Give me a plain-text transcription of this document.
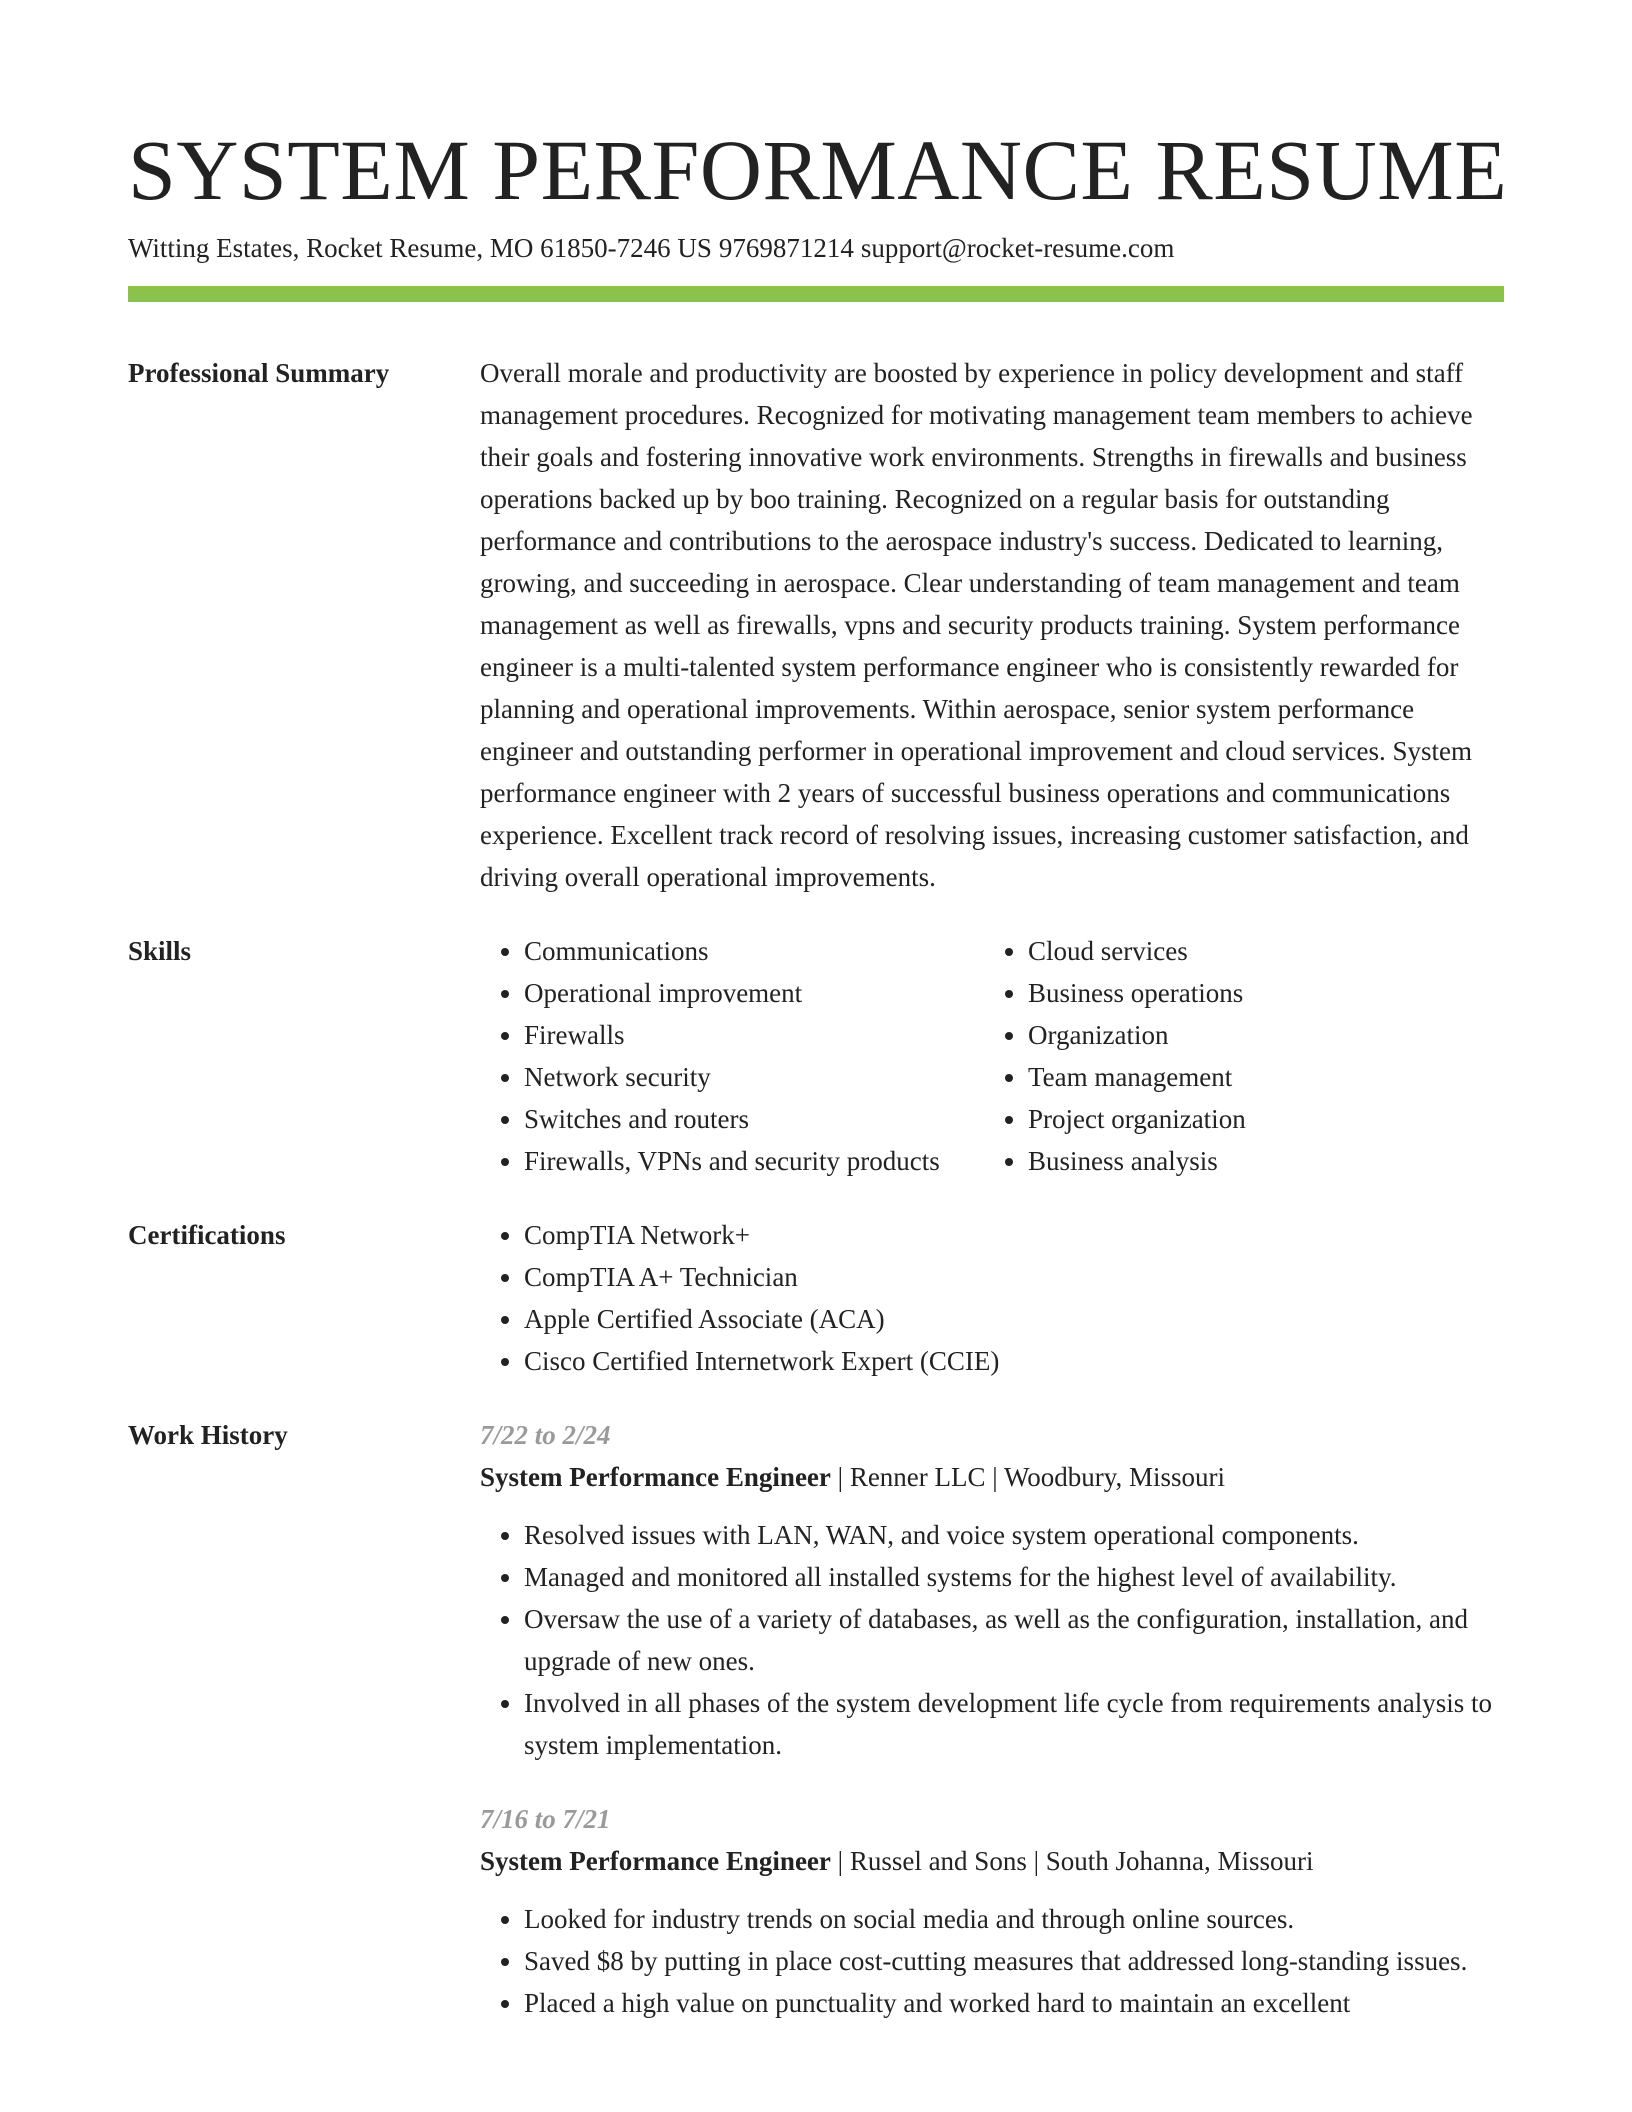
SYSTEM PERFORMANCE RESUME
Witting Estates, Rocket Resume, MO 61850-7246 US 9769871214 support@rocket-resume.com
Professional Summary	Overall morale and productivity are boosted by experience in policy development and staff management procedures. Recognized for motivating management team members to achieve their goals and fostering innovative work environments. Strengths in firewalls and business operations backed up by boo training. Recognized on a regular basis for outstanding performance and contributions to the aerospace industry's success. Dedicated to learning, growing, and succeeding in aerospace. Clear understanding of team management and team management as well as firewalls, vpns and security products training. System performance engineer is a multi-talented system performance engineer who is consistently rewarded for planning and operational improvements. Within aerospace, senior system performance engineer and outstanding performer in operational improvement and cloud services. System performance engineer with 2 years of successful business operations and communications experience. Excellent track record of resolving issues, increasing customer satisfaction, and driving overall operational improvements.

Skills	• Communications
• Operational improvement
• Firewalls
• Network security
• Switches and routers
• Firewalls, VPNs and security products
• Cloud services
• Business operations
• Organization
• Team management
• Project organization
• Business analysis
Certifications	• CompTIA Network+
• CompTIA A+ Technician
• Apple Certified Associate (ACA)
• Cisco Certified Internetwork Expert (CCIE)
Work History	7/22 to 2/24
System Performance Engineer | Renner LLC | Woodbury, Missouri
• Resolved issues with LAN, WAN, and voice system operational components.
• Managed and monitored all installed systems for the highest level of availability.
• Oversaw the use of a variety of databases, as well as the configuration, installation, and upgrade of new ones.
• Involved in all phases of the system development life cycle from requirements analysis to system implementation.
7/16 to 7/21
System Performance Engineer | Russel and Sons | South Johanna, Missouri
• Looked for industry trends on social media and through online sources.
• Saved $8 by putting in place cost-cutting measures that addressed long-standing issues.
• Placed a high value on punctuality and worked hard to maintain an excellent
